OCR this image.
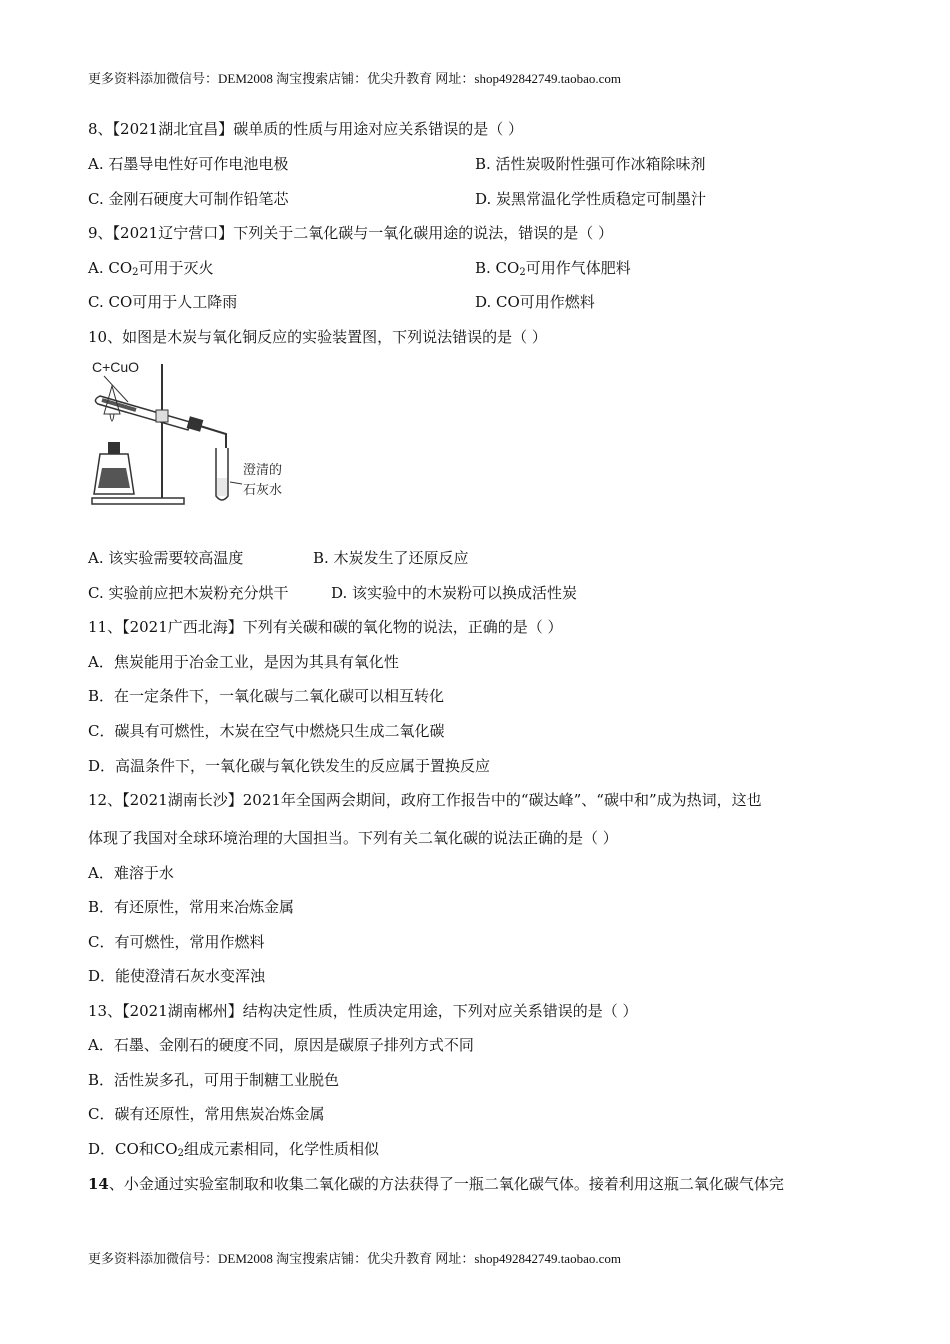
更多资料添加微信号：DEM2008 淘宝搜索店铺：优尖升教育 网址：shop492842749.taobao.com
8、【2021湖北宜昌】碳单质的性质与用途对应关系错误的是（ ）
A. 石墨导电性好可作电池电极	B. 活性炭吸附性强可作冰箱除味剂
C. 金刚石硬度大可制作铅笔芯	D. 炭黑常温化学性质稳定可制墨汁
9、【2021辽宁营口】下列关于二氧化碳与一氧化碳用途的说法，错误的是（ ）
A. $CO_2$可用于灭火	B. $CO_2$可用作气体肥料
C. CO可用于人工降雨	D. CO可用作燃料
10、如图是木炭与氧化铜反应的实验装置图，下列说法错误的是（ ）
C+CuO
澄清的
石灰水
A. 该实验需要较高温度	B. 木炭发生了还原反应
C. 实验前应把木炭粉充分烘干	D. 该实验中的木炭粉可以换成活性炭
11、【2021广西北海】下列有关碳和碳的氧化物的说法，正确的是（ ）
A．焦炭能用于冶金工业，是因为其具有氧化性
B．在一定条件下，一氧化碳与二氧化碳可以相互转化
C．碳具有可燃性，木炭在空气中燃烧只生成二氧化碳
D．高温条件下，一氧化碳与氧化铁发生的反应属于置换反应
12、【2021湖南长沙】2021年全国两会期间，政府工作报告中的“碳达峰”、“碳中和”成为热词，这也
体现了我国对全球环境治理的大国担当。下列有关二氧化碳的说法正确的是（ ）
A．难溶于水
B．有还原性，常用来冶炼金属
C．有可燃性，常用作燃料
D．能使澄清石灰水变浑浊
13、【2021湖南郴州】结构决定性质，性质决定用途，下列对应关系错误的是（ ）
A．石墨、金刚石的硬度不同，原因是碳原子排列方式不同
B．活性炭多孔，可用于制糖工业脱色
C．碳有还原性，常用焦炭冶炼金属
D．CO和$CO_2$组成元素相同，化学性质相似
14、小金通过实验室制取和收集二氧化碳的方法获得了一瓶二氧化碳气体。接着利用这瓶二氧化碳气体完
更多资料添加微信号：DEM2008 淘宝搜索店铺：优尖升教育 网址：shop492842749.taobao.com
